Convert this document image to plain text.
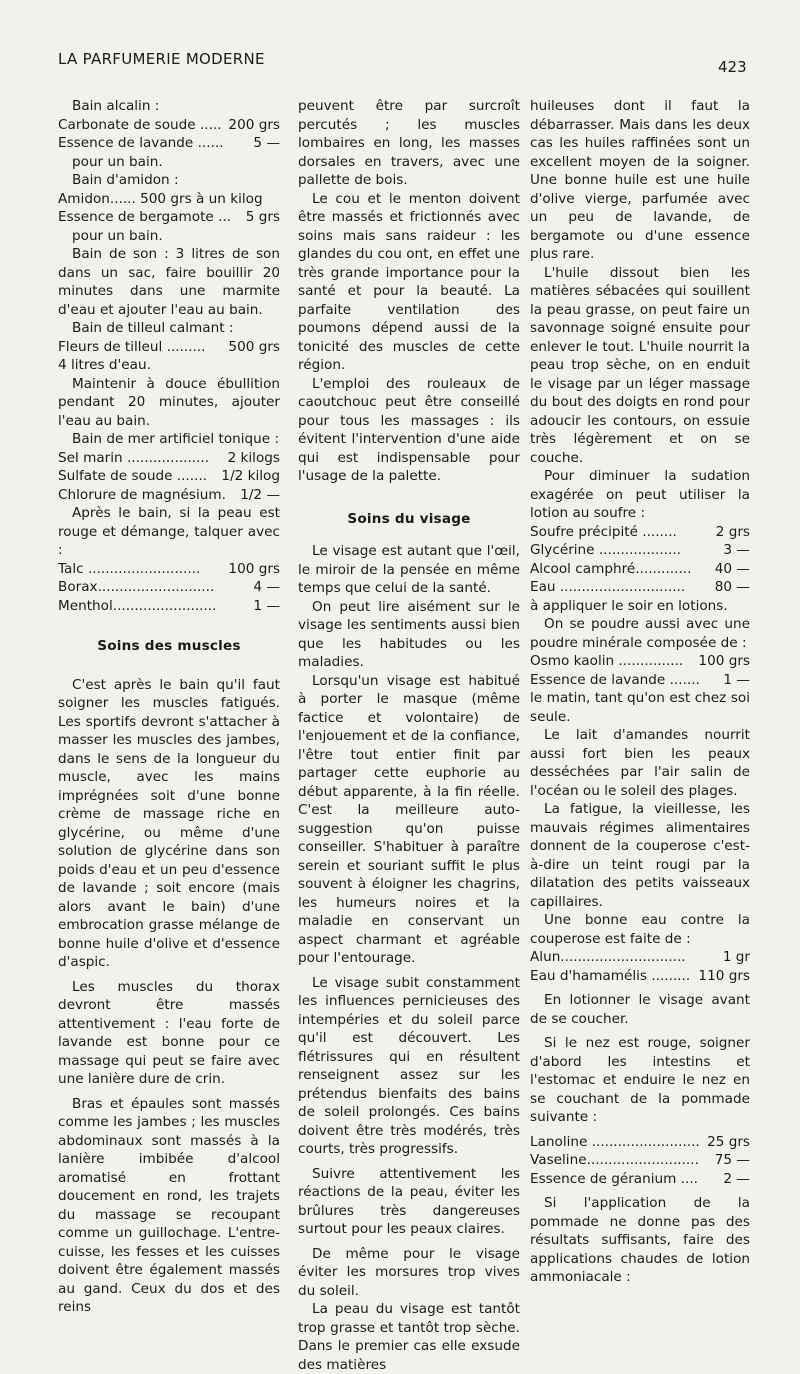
LA PARFUMERIE MODERNE	423

Bain alcalin :

Carbonate de soude ..... 200 grs
Essence de lavande ...... 5 —

pour un bain.

Bain d'amidon :

Amidon...... 500 grs à un kilog

Essence de bergamote ... 5 grs

pour un bain.

Bain de son : 3 litres de son dans un sac, faire bouillir 20 minutes dans une marmite d'eau et ajouter l'eau au bain.

Bain de tilleul calmant :

Fleurs de tilleul ......... 500 grs

4 litres d'eau.

Maintenir à douce ébullition pendant 20 minutes, ajouter l'eau au bain.

Bain de mer artificiel tonique :

Sel marin ................... 2 kilogs
Sulfate de soude ....... 1/2 kilog
Chlorure de magnésium. 1/2 —

Après le bain, si la peau est rouge et démange, talquer avec :

Talc .......................... 100 grs
Borax...........................	4 —
Menthol........................	1 —

Soins des muscles

C'est après le bain qu'il faut soigner les muscles fatigués. Les sportifs devront s'attacher à masser les muscles des jambes, dans le sens de la longueur du muscle, avec les mains imprégnées soit d'une bonne crème de massage riche en glycérine, ou même d'une solution de glycérine dans son poids d'eau et un peu d'essence de lavande ; soit encore (mais alors avant le bain) d'une embrocation grasse mélange de bonne huile d'olive et d'essence d'aspic.

Les muscles du thorax devront être massés attentivement : l'eau forte de lavande est bonne pour ce massage qui peut se faire avec une lanière dure de crin.

Bras et épaules sont massés comme les jambes ; les muscles abdominaux sont massés à la lanière imbibée d'alcool aromatisé en frottant doucement en rond, les trajets du massage se recoupant comme un guillochage. L'entre-cuisse, les fesses et les cuisses doivent être également massés au gand. Ceux du dos et des reins

peuvent être par surcroît percutés ; les muscles lombaires en long, les masses dorsales en travers, avec une pallette de bois.

Le cou et le menton doivent être massés et frictionnés avec soins mais sans raideur : les glandes du cou ont, en effet une très grande importance pour la santé et pour la beauté. La parfaite ventilation des poumons dépend aussi de la tonicité des muscles de cette région.

L'emploi des rouleaux de caoutchouc peut être conseillé pour tous les massages : ils évitent l'intervention d'une aide qui est indispensable pour l'usage de la palette.

Soins du visage

Le visage est autant que l'œil, le miroir de la pensée en même temps que celui de la santé.

On peut lire aisément sur le visage les sentiments aussi bien que les habitudes ou les maladies.

Lorsqu'un visage est habitué à porter le masque (même factice et volontaire) de l'enjouement et de la confiance, l'être tout entier finit par partager cette euphorie au début apparente, à la fin réelle. C'est la meilleure auto-suggestion qu'on puisse conseiller. S'habituer à paraître serein et souriant suffit le plus souvent à éloigner les chagrins, les humeurs noires et la maladie en conservant un aspect charmant et agréable pour l'entourage.

Le visage subit constamment les influences pernicieuses des intempéries et du soleil parce qu'il est découvert. Les flétrissures qui en résultent renseignent assez sur les prétendus bienfaits des bains de soleil prolongés. Ces bains doivent être très modérés, très courts, très progressifs.

Suivre attentivement les réactions de la peau, éviter les brûlures très dangereuses surtout pour les peaux claires.

De même pour le visage éviter les morsures trop vives du soleil.

La peau du visage est tantôt trop grasse et tantôt trop sèche. Dans le premier cas elle exsude des matières

huileuses dont il faut la débarrasser. Mais dans les deux cas les huiles raffinées sont un excellent moyen de la soigner. Une bonne huile est une huile d'olive vierge, parfumée avec un peu de lavande, de bergamote ou d'une essence plus rare.

L'huile dissout bien les matières sébacées qui souillent la peau grasse, on peut faire un savonnage soigné ensuite pour enlever le tout. L'huile nourrit la peau trop sèche, on en enduit le visage par un léger massage du bout des doigts en rond pour adoucir les contours, on essuie très légèrement et on se couche.

Pour diminuer la sudation exagérée on peut utiliser la lotion au soufre :

Soufre précipité ........	2 grs
Glycérine ...................	3 —
Alcool camphré............. 40 —
Eau ............................. 80 —

à appliquer le soir en lotions.

On se poudre aussi avec une poudre minérale composée de :

Osmo kaolin ............... 100 grs
Essence de lavande ....... 1 —

le matin, tant qu'on est chez soi seule.

Le lait d'amandes nourrit aussi fort bien les peaux desséchées par l'air salin de l'océan ou le soleil des plages.

La fatigue, la vieillesse, les mauvais régimes alimentaires donnent de la couperose c'est-à-dire un teint rougi par la dilatation des petits vaisseaux capillaires.

Une bonne eau contre la couperose est faite de :

Alun.............................	1 gr
Eau d'hamamélis ......... 110 grs

En lotionner le visage avant de se coucher.

Si le nez est rouge, soigner d'abord les intestins et l'estomac et enduire le nez en se couchant de la pommade suivante :

Lanoline ......................... 25 grs
Vaseline.......................... 75 —
Essence de géranium .... 2 —

Si l'application de la pommade ne donne pas des résultats suffisants, faire des applications chaudes de lotion ammoniacale :
